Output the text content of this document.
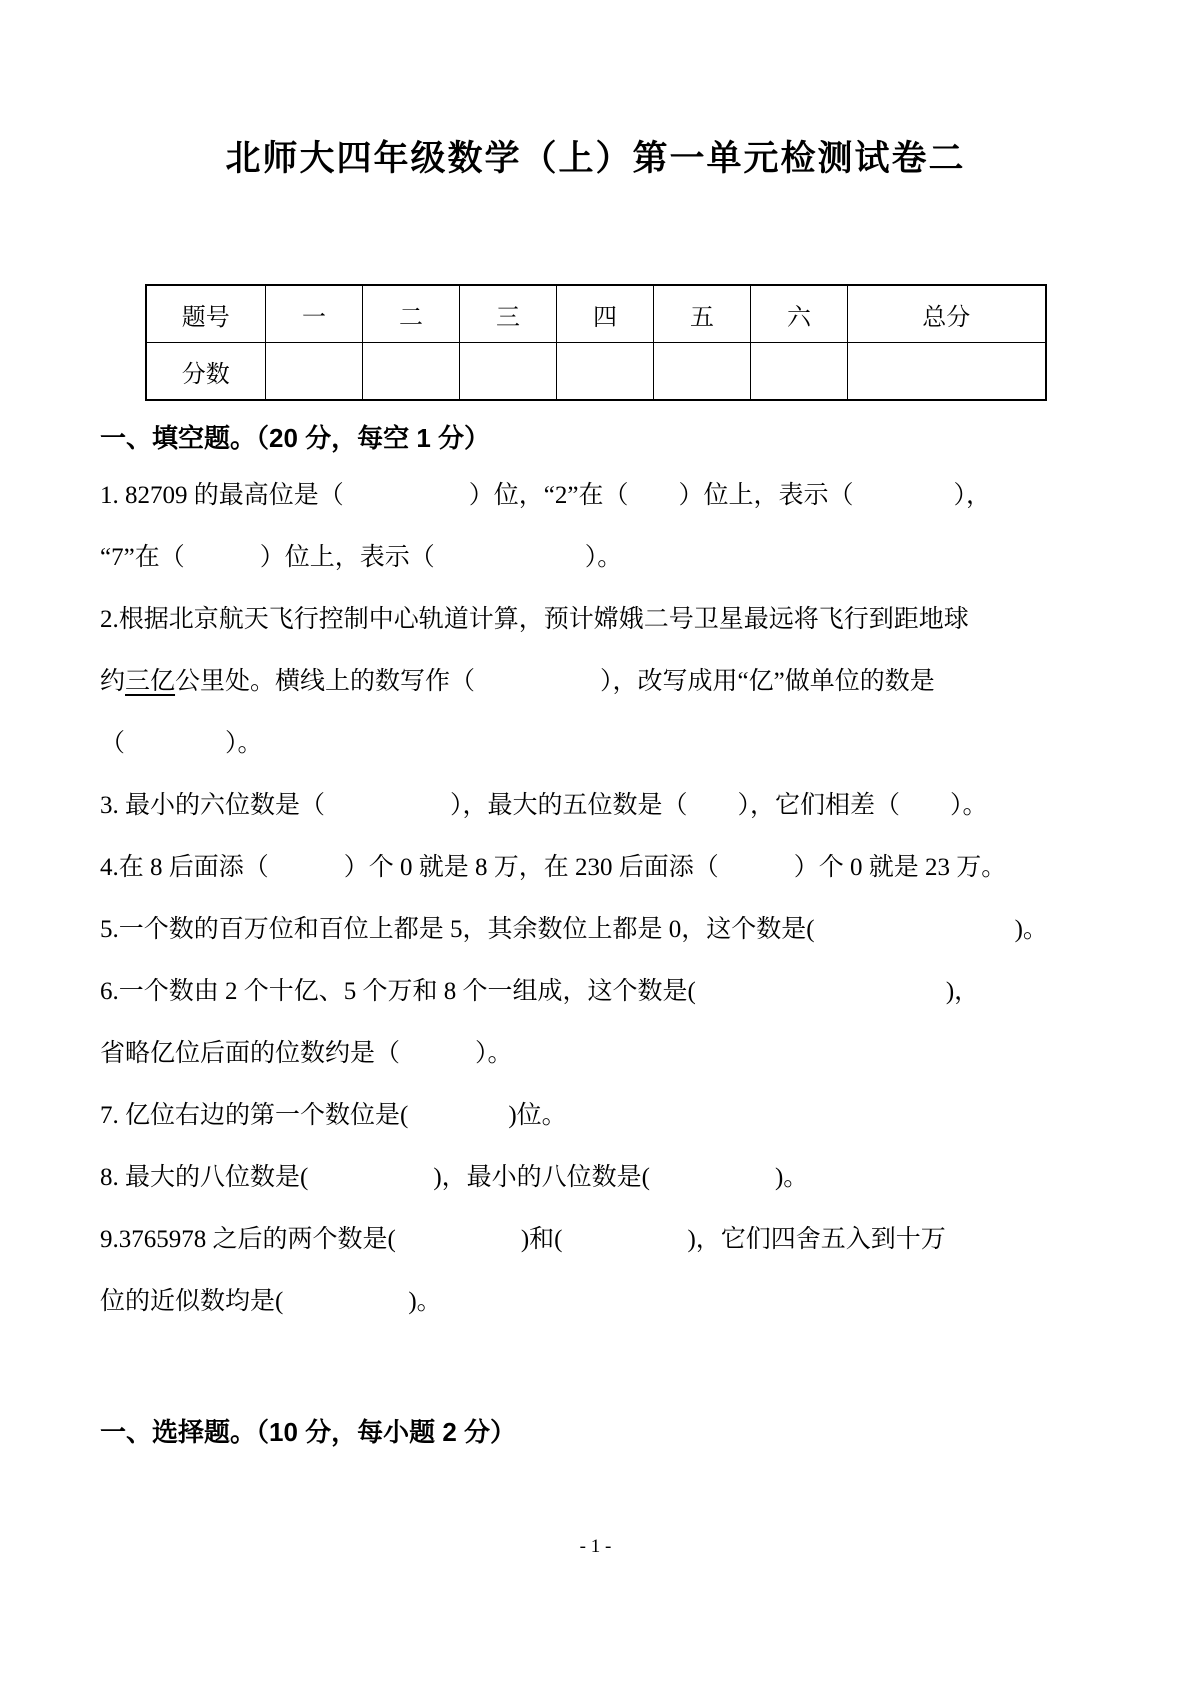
北师大四年级数学（上）第一单元检测试卷二
题号	一	二	三	四	五	六	总分
分数							
一、填空题。（20 分，每空 1 分）

1. 82709 的最高位是（　　　　　）位，“2”在（　　）位上，表示（　　　　），

“7”在（　　　）位上，表示（　　　　　　）。

2.根据北京航天飞行控制中心轨道计算，预计嫦娥二号卫星最远将飞行到距地球

约三亿公里处。横线上的数写作（　　　　　），改写成用“亿”做单位的数是

（　　　　）。

3. 最小的六位数是（　　　　　），最大的五位数是（　　），它们相差（　　）。

4.在 8 后面添（　　　）个 0 就是 8 万，在 230 后面添（　　　）个 0 就是 23 万。

5.一个数的百万位和百位上都是 5，其余数位上都是 0，这个数是(　　　　　　　　)。

6.一个数由 2 个十亿、5 个万和 8 个一组成，这个数是(　　　　　　　　　　)，

省略亿位后面的位数约是（　　　）。

7. 亿位右边的第一个数位是(　　　　)位。

8. 最大的八位数是(　　　　　)，最小的八位数是(　　　　　)。

9.3765978 之后的两个数是(　　　　　)和(　　　　　)，它们四舍五入到十万

位的近似数均是(　　　　　)。

一、选择题。（10 分，每小题 2 分）
- 1 -
